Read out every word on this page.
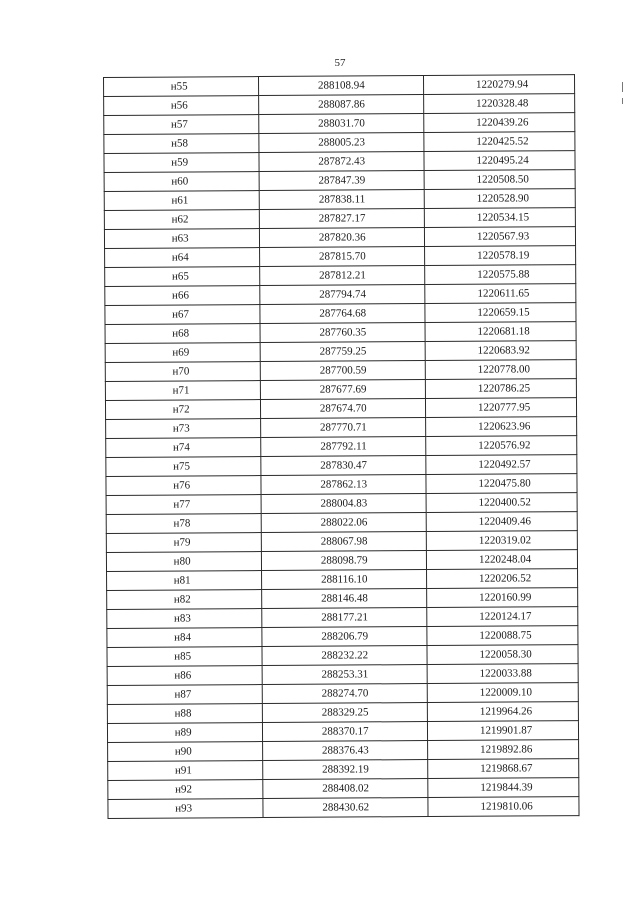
57
н55	288108.94	1220279.94
н56	288087.86	1220328.48
н57	288031.70	1220439.26
н58	288005.23	1220425.52
н59	287872.43	1220495.24
н60	287847.39	1220508.50
н61	287838.11	1220528.90
н62	287827.17	1220534.15
н63	287820.36	1220567.93
н64	287815.70	1220578.19
н65	287812.21	1220575.88
н66	287794.74	1220611.65
н67	287764.68	1220659.15
н68	287760.35	1220681.18
н69	287759.25	1220683.92
н70	287700.59	1220778.00
н71	287677.69	1220786.25
н72	287674.70	1220777.95
н73	287770.71	1220623.96
н74	287792.11	1220576.92
н75	287830.47	1220492.57
н76	287862.13	1220475.80
н77	288004.83	1220400.52
н78	288022.06	1220409.46
н79	288067.98	1220319.02
н80	288098.79	1220248.04
н81	288116.10	1220206.52
н82	288146.48	1220160.99
н83	288177.21	1220124.17
н84	288206.79	1220088.75
н85	288232.22	1220058.30
н86	288253.31	1220033.88
н87	288274.70	1220009.10
н88	288329.25	1219964.26
н89	288370.17	1219901.87
н90	288376.43	1219892.86
н91	288392.19	1219868.67
н92	288408.02	1219844.39
н93	288430.62	1219810.06
